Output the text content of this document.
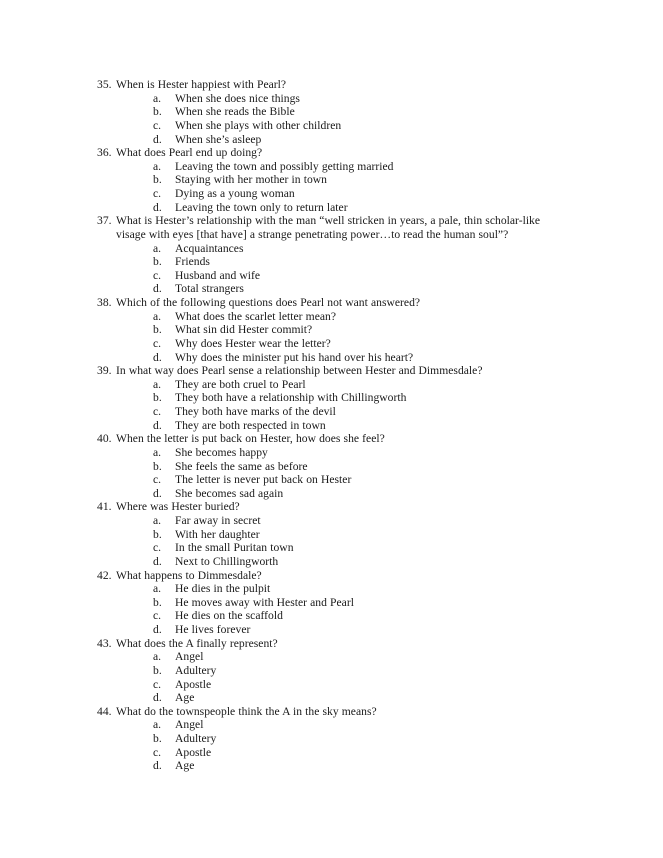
35. When is Hester happiest with Pearl?
a.	When she does nice things
b.	When she reads the Bible
c.	When she plays with other children
d.	When she’s asleep
36. What does Pearl end up doing?
a.	Leaving the town and possibly getting married
b.	Staying with her mother in town
c.	Dying as a young woman
d.	Leaving the town only to return later
37. What is Hester’s relationship with the man “well stricken in years, a pale, thin scholar-like visage with eyes [that have] a strange penetrating power…to read the human soul”?
a.	Acquaintances
b.	Friends
c.	Husband and wife
d.	Total strangers
38. Which of the following questions does Pearl not want answered?
a.	What does the scarlet letter mean?
b.	What sin did Hester commit?
c.	Why does Hester wear the letter?
d.	Why does the minister put his hand over his heart?
39. In what way does Pearl sense a relationship between Hester and Dimmesdale?
a.	They are both cruel to Pearl
b.	They both have a relationship with Chillingworth
c.	They both have marks of the devil
d.	They are both respected in town
40. When the letter is put back on Hester, how does she feel?
a.	She becomes happy
b.	She feels the same as before
c.	The letter is never put back on Hester
d.	She becomes sad again
41. Where was Hester buried?
a.	Far away in secret
b.	With her daughter
c.	In the small Puritan town
d.	Next to Chillingworth
42. What happens to Dimmesdale?
a.	He dies in the pulpit
b.	He moves away with Hester and Pearl
c.	He dies on the scaffold
d.	He lives forever
43. What does the A finally represent?
a.	Angel
b.	Adultery
c.	Apostle
d.	Age
44. What do the townspeople think the A in the sky means?
a.	Angel
b.	Adultery
c.	Apostle
d.	Age
